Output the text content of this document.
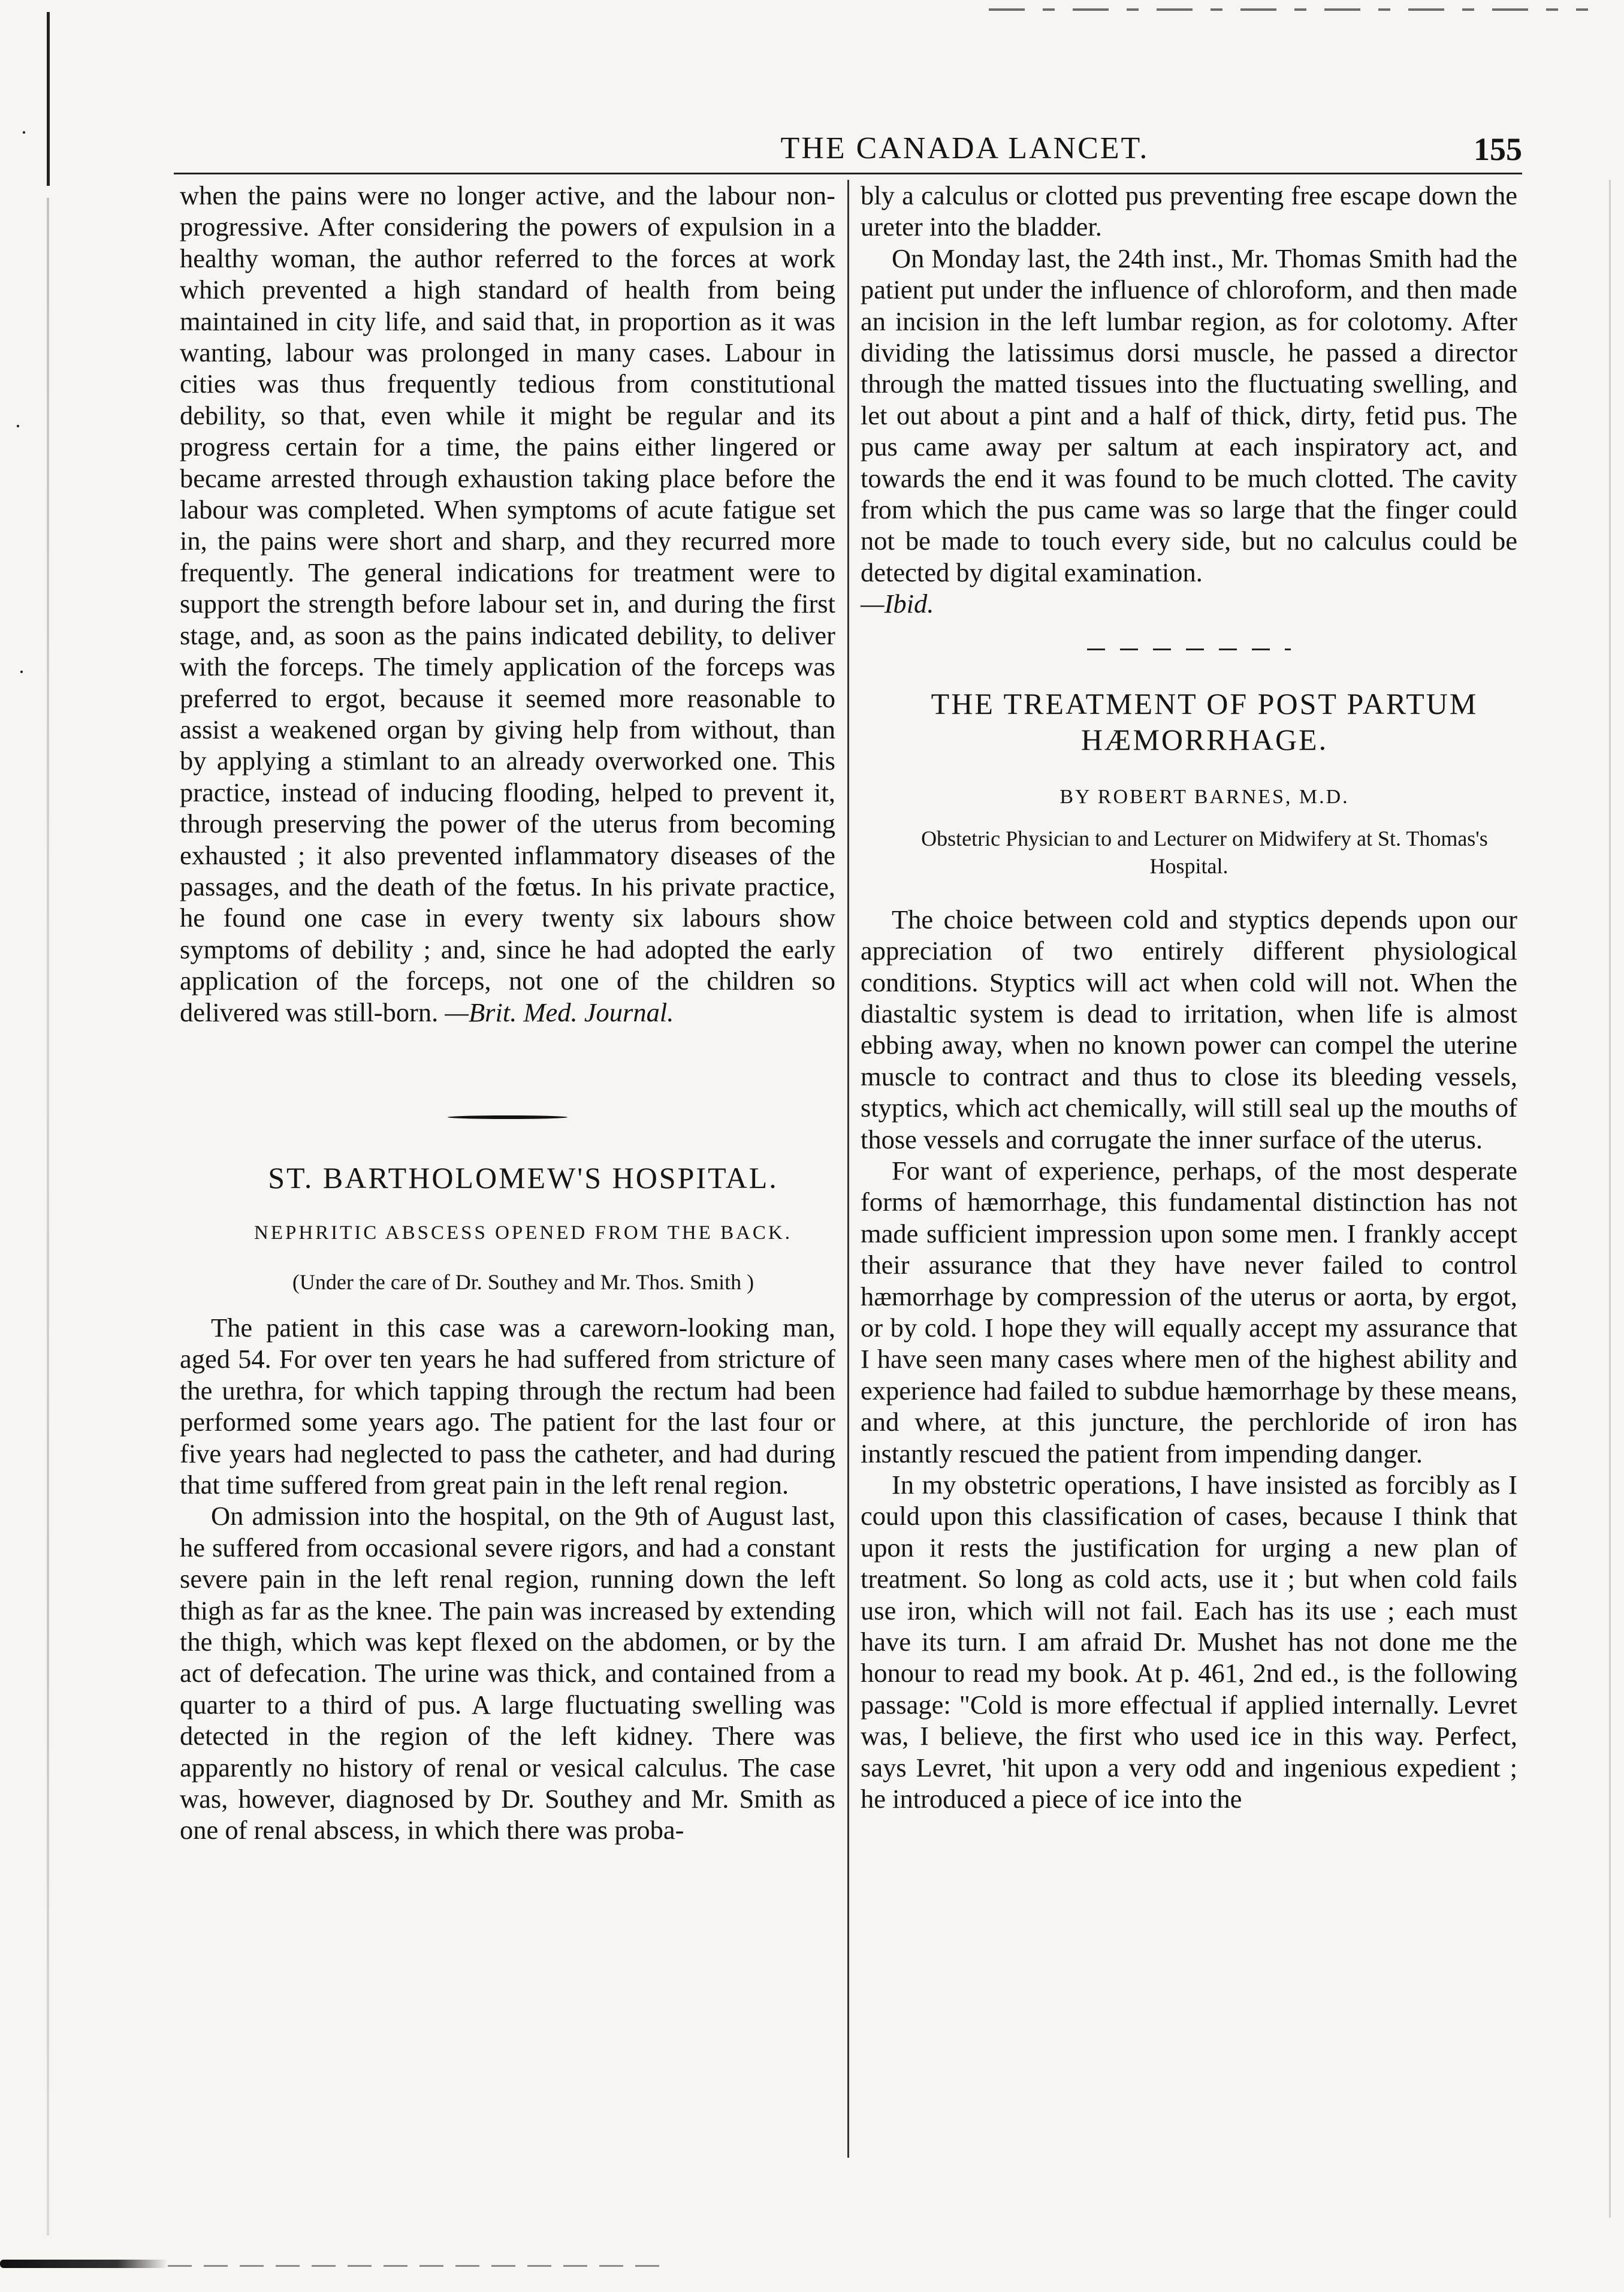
·
·
·
THE CANADA LANCET.	155

when the pains were no longer active, and the labour non-progressive. After considering the powers of expulsion in a healthy woman, the author referred to the forces at work which prevented a high standard of health from being maintained in city life, and said that, in proportion as it was wanting, labour was prolonged in many cases. Labour in cities was thus frequently tedious from constitutional debility, so that, even while it might be regular and its progress certain for a time, the pains either lingered or became arrested through exhaustion taking place before the labour was completed. When symptoms of acute fatigue set in, the pains were short and sharp, and they recurred more frequently. The general indications for treatment were to support the strength before labour set in, and during the first stage, and, as soon as the pains indicated debility, to deliver with the forceps. The timely application of the forceps was preferred to ergot, because it seemed more reasonable to assist a weakened organ by giving help from without, than by applying a stimlant to an already overworked one. This practice, instead of inducing flooding, helped to prevent it, through preserving the power of the uterus from becoming exhausted ; it also prevented inflammatory diseases of the passages, and the death of the fœtus. In his private practice, he found one case in every twenty six labours show symptoms of debility ; and, since he had adopted the early application of the forceps, not one of the children so delivered was still-born. —Brit. Med. Journal.

ST. BARTHOLOMEW'S HOSPITAL.

NEPHRITIC ABSCESS OPENED FROM THE BACK.

(Under the care of Dr. Southey and Mr. Thos. Smith )

The patient in this case was a careworn-looking man, aged 54. For over ten years he had suffered from stricture of the urethra, for which tapping through the rectum had been performed some years ago. The patient for the last four or five years had neglected to pass the catheter, and had during that time suffered from great pain in the left renal region.

On admission into the hospital, on the 9th of August last, he suffered from occasional severe rigors, and had a constant severe pain in the left renal region, running down the left thigh as far as the knee. The pain was increased by extending the thigh, which was kept flexed on the abdomen, or by the act of defecation. The urine was thick, and contained from a quarter to a third of pus. A large fluctuating swelling was detected in the region of the left kidney. There was apparently no history of renal or vesical calculus. The case was, however, diagnosed by Dr. Southey and Mr. Smith as one of renal abscess, in which there was proba-

bly a calculus or clotted pus preventing free escape down the ureter into the bladder.

On Monday last, the 24th inst., Mr. Thomas Smith had the patient put under the influence of chloroform, and then made an incision in the left lumbar region, as for colotomy. After dividing the latissimus dorsi muscle, he passed a director through the matted tissues into the fluctuating swelling, and let out about a pint and a half of thick, dirty, fetid pus. The pus came away per saltum at each inspiratory act, and towards the end it was found to be much clotted. The cavity from which the pus came was so large that the finger could not be made to touch every side, but no calculus could be detected by digital examination.

—Ibid.

THE TREATMENT OF POST PARTUM

HÆMORRHAGE.

BY ROBERT BARNES, M.D.

Obstetric Physician to and Lecturer on Midwifery at St. Thomas's Hospital.

The choice between cold and styptics depends upon our appreciation of two entirely different physiological conditions. Styptics will act when cold will not. When the diastaltic system is dead to irritation, when life is almost ebbing away, when no known power can compel the uterine muscle to contract and thus to close its bleeding vessels, styptics, which act chemically, will still seal up the mouths of those vessels and corrugate the inner surface of the uterus.

For want of experience, perhaps, of the most desperate forms of hæmorrhage, this fundamental distinction has not made sufficient impression upon some men. I frankly accept their assurance that they have never failed to control hæmorrhage by compression of the uterus or aorta, by ergot, or by cold. I hope they will equally accept my assurance that I have seen many cases where men of the highest ability and experience had failed to subdue hæmorrhage by these means, and where, at this juncture, the perchloride of iron has instantly rescued the patient from impending danger.

In my obstetric operations, I have insisted as forcibly as I could upon this classification of cases, because I think that upon it rests the justification for urging a new plan of treatment. So long as cold acts, use it ; but when cold fails use iron, which will not fail. Each has its use ; each must have its turn. I am afraid Dr. Mushet has not done me the honour to read my book. At p. 461, 2nd ed., is the following passage: "Cold is more effectual if applied internally. Levret was, I believe, the first who used ice in this way. Perfect, says Levret, 'hit upon a very odd and ingenious expedient ; he introduced a piece of ice into the
